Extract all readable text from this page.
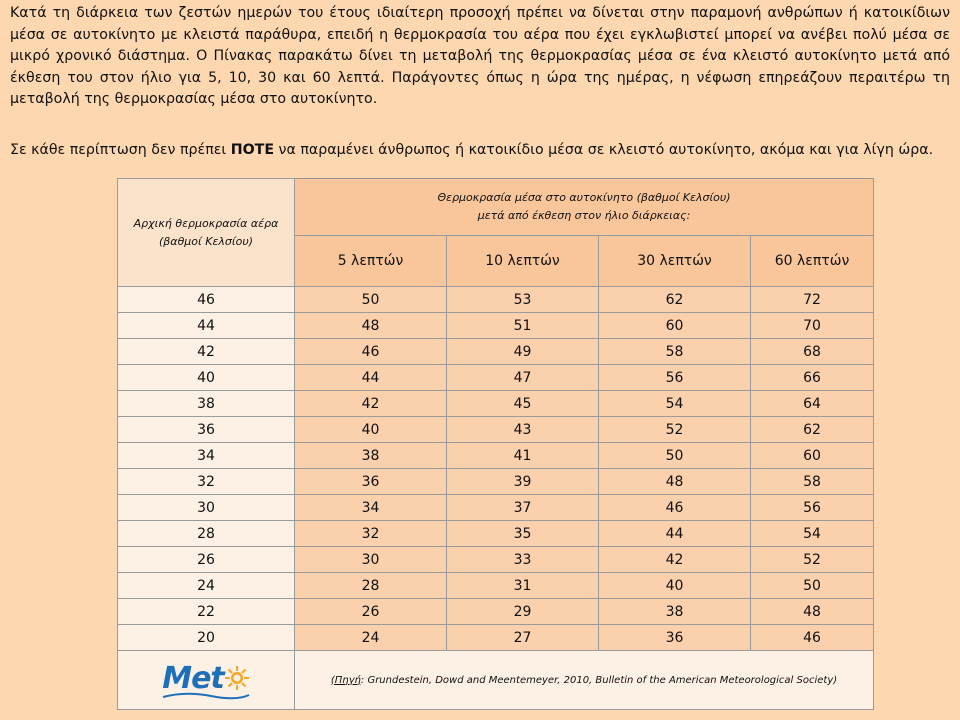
Κατά τη διάρκεια των ζεστών ημερών του έτους ιδιαίτερη προσοχή πρέπει να δίνεται στην παραμονή ανθρώπων ή κατοικίδιων μέσα σε αυτοκίνητο με κλειστά παράθυρα, επειδή η θερμοκρασία του αέρα που έχει εγκλωβιστεί μπορεί να ανέβει πολύ μέσα σε μικρό χρονικό διάστημα. Ο Πίνακας παρακάτω δίνει τη μεταβολή της θερμοκρασίας μέσα σε ένα κλειστό αυτοκίνητο μετά από έκθεση του στον ήλιο για 5, 10, 30 και 60 λεπτά. Παράγοντες όπως η ώρα της ημέρας, η νέφωση επηρεάζουν περαιτέρω τη μεταβολή της θερμοκρασίας μέσα στο αυτοκίνητο.

Σε κάθε περίπτωση δεν πρέπει ΠΟΤΕ να παραμένει άνθρωπος ή κατοικίδιο μέσα σε κλειστό αυτοκίνητο, ακόμα και για λίγη ώρα.

Αρχική θερμοκρασία αέρα (βαθμοί Κελσίου)	Θερμοκρασία μέσα στο αυτοκίνητο (βαθμοί Κελσίου)
μετά από έκθεση στον ήλιο διάρκειας:			

	5 λεπτών	10 λεπτών	30 λεπτών	60 λεπτών
46	50	53	62	72
44	48	51	60	70
42	46	49	58	68
40	44	47	56	66
38	42	45	54	64
36	40	43	52	62
34	38	41	50	60
32	36	39	48	58
30	34	37	46	56
28	32	35	44	54
26	30	33	42	52
24	28	31	40	50
22	26	29	38	48
20	24	27	36	46

Met	(Πηγή: Grundestein, Dowd and Meentemeyer, 2010, Bulletin of the American Meteorological Society)			
